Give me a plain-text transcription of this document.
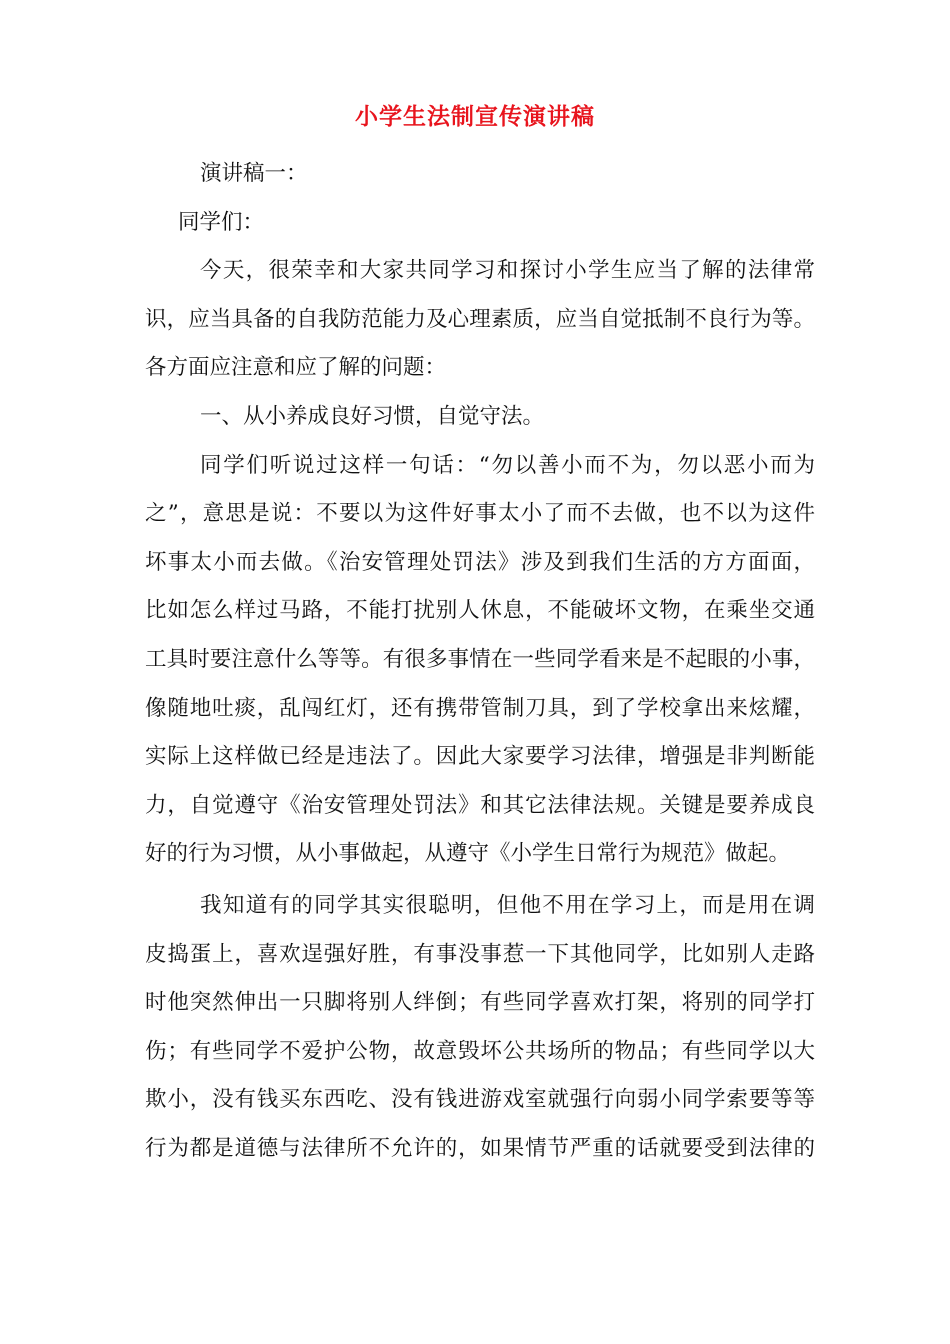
小学生法制宣传演讲稿
演讲稿一：
同学们：
今天，很荣幸和大家共同学习和探讨小学生应当了解的法律常
识，应当具备的自我防范能力及心理素质，应当自觉抵制不良行为等。
各方面应注意和应了解的问题：
一、从小养成良好习惯，自觉守法。
同学们听说过这样一句话：“勿以善小而不为，勿以恶小而为
之”，意思是说：不要以为这件好事太小了而不去做，也不以为这件
坏事太小而去做。《治安管理处罚法》涉及到我们生活的方方面面，
比如怎么样过马路，不能打扰别人休息，不能破坏文物，在乘坐交通
工具时要注意什么等等。有很多事情在一些同学看来是不起眼的小事，
像随地吐痰，乱闯红灯，还有携带管制刀具，到了学校拿出来炫耀，
实际上这样做已经是违法了。因此大家要学习法律，增强是非判断能
力，自觉遵守《治安管理处罚法》和其它法律法规。关键是要养成良
好的行为习惯，从小事做起，从遵守《小学生日常行为规范》做起。
我知道有的同学其实很聪明，但他不用在学习上，而是用在调
皮捣蛋上，喜欢逞强好胜，有事没事惹一下其他同学，比如别人走路
时他突然伸出一只脚将别人绊倒；有些同学喜欢打架，将别的同学打
伤；有些同学不爱护公物，故意毁坏公共场所的物品；有些同学以大
欺小，没有钱买东西吃、没有钱进游戏室就强行向弱小同学索要等等
行为都是道德与法律所不允许的，如果情节严重的话就要受到法律的
